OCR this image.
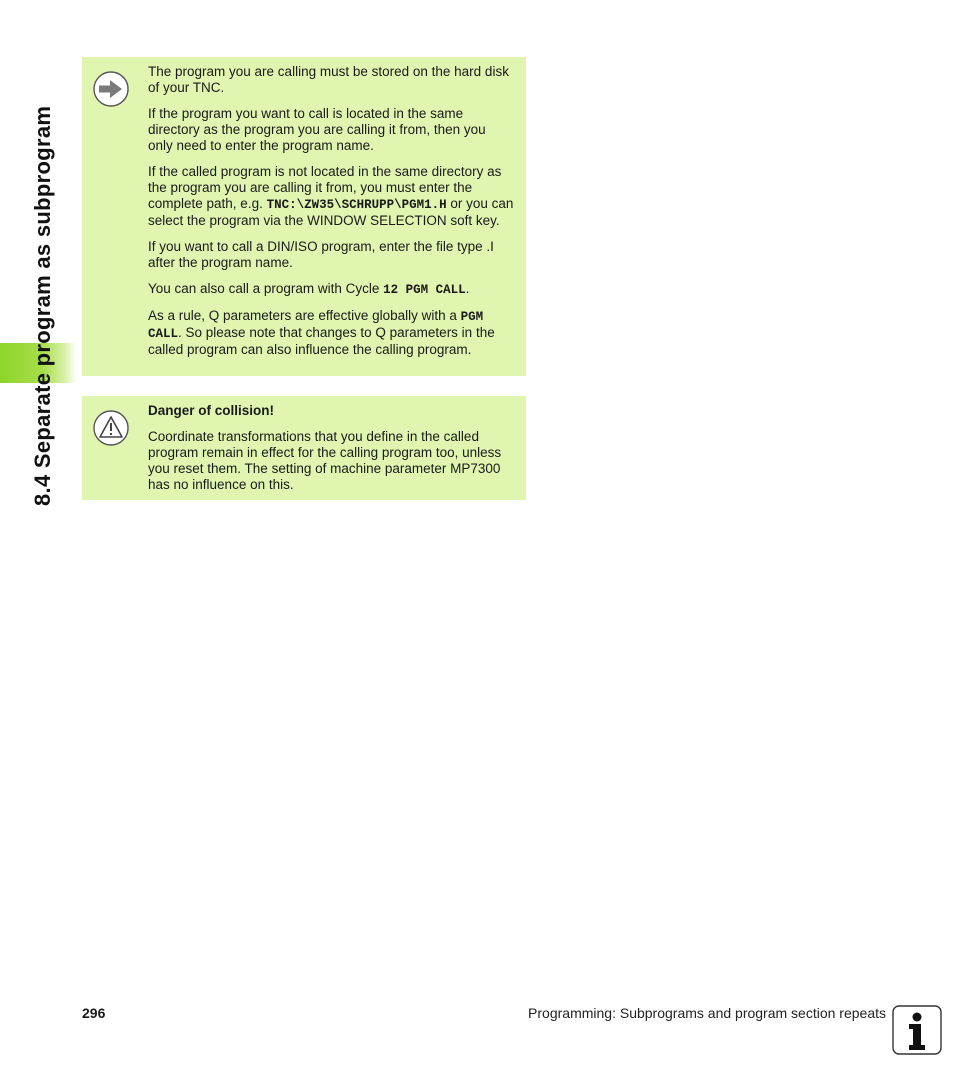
8.4 Separate program as subprogram

The program you are calling must be stored on the hard disk of your TNC.

If the program you want to call is located in the same directory as the program you are calling it from, then you only need to enter the program name.

If the called program is not located in the same directory as the program you are calling it from, you must enter the complete path, e.g. TNC:\ZW35\SCHRUPP\PGM1.H or you can select the program via the WINDOW SELECTION soft key.

If you want to call a DIN/ISO program, enter the file type .I after the program name.

You can also call a program with Cycle 12 PGM CALL.

As a rule, Q parameters are effective globally with a PGM CALL. So please note that changes to Q parameters in the called program can also influence the calling program.

Danger of collision!

Coordinate transformations that you define in the called program remain in effect for the calling program too, unless you reset them. The setting of machine parameter MP7300 has no influence on this.

296	Programming: Subprograms and program section repeats
